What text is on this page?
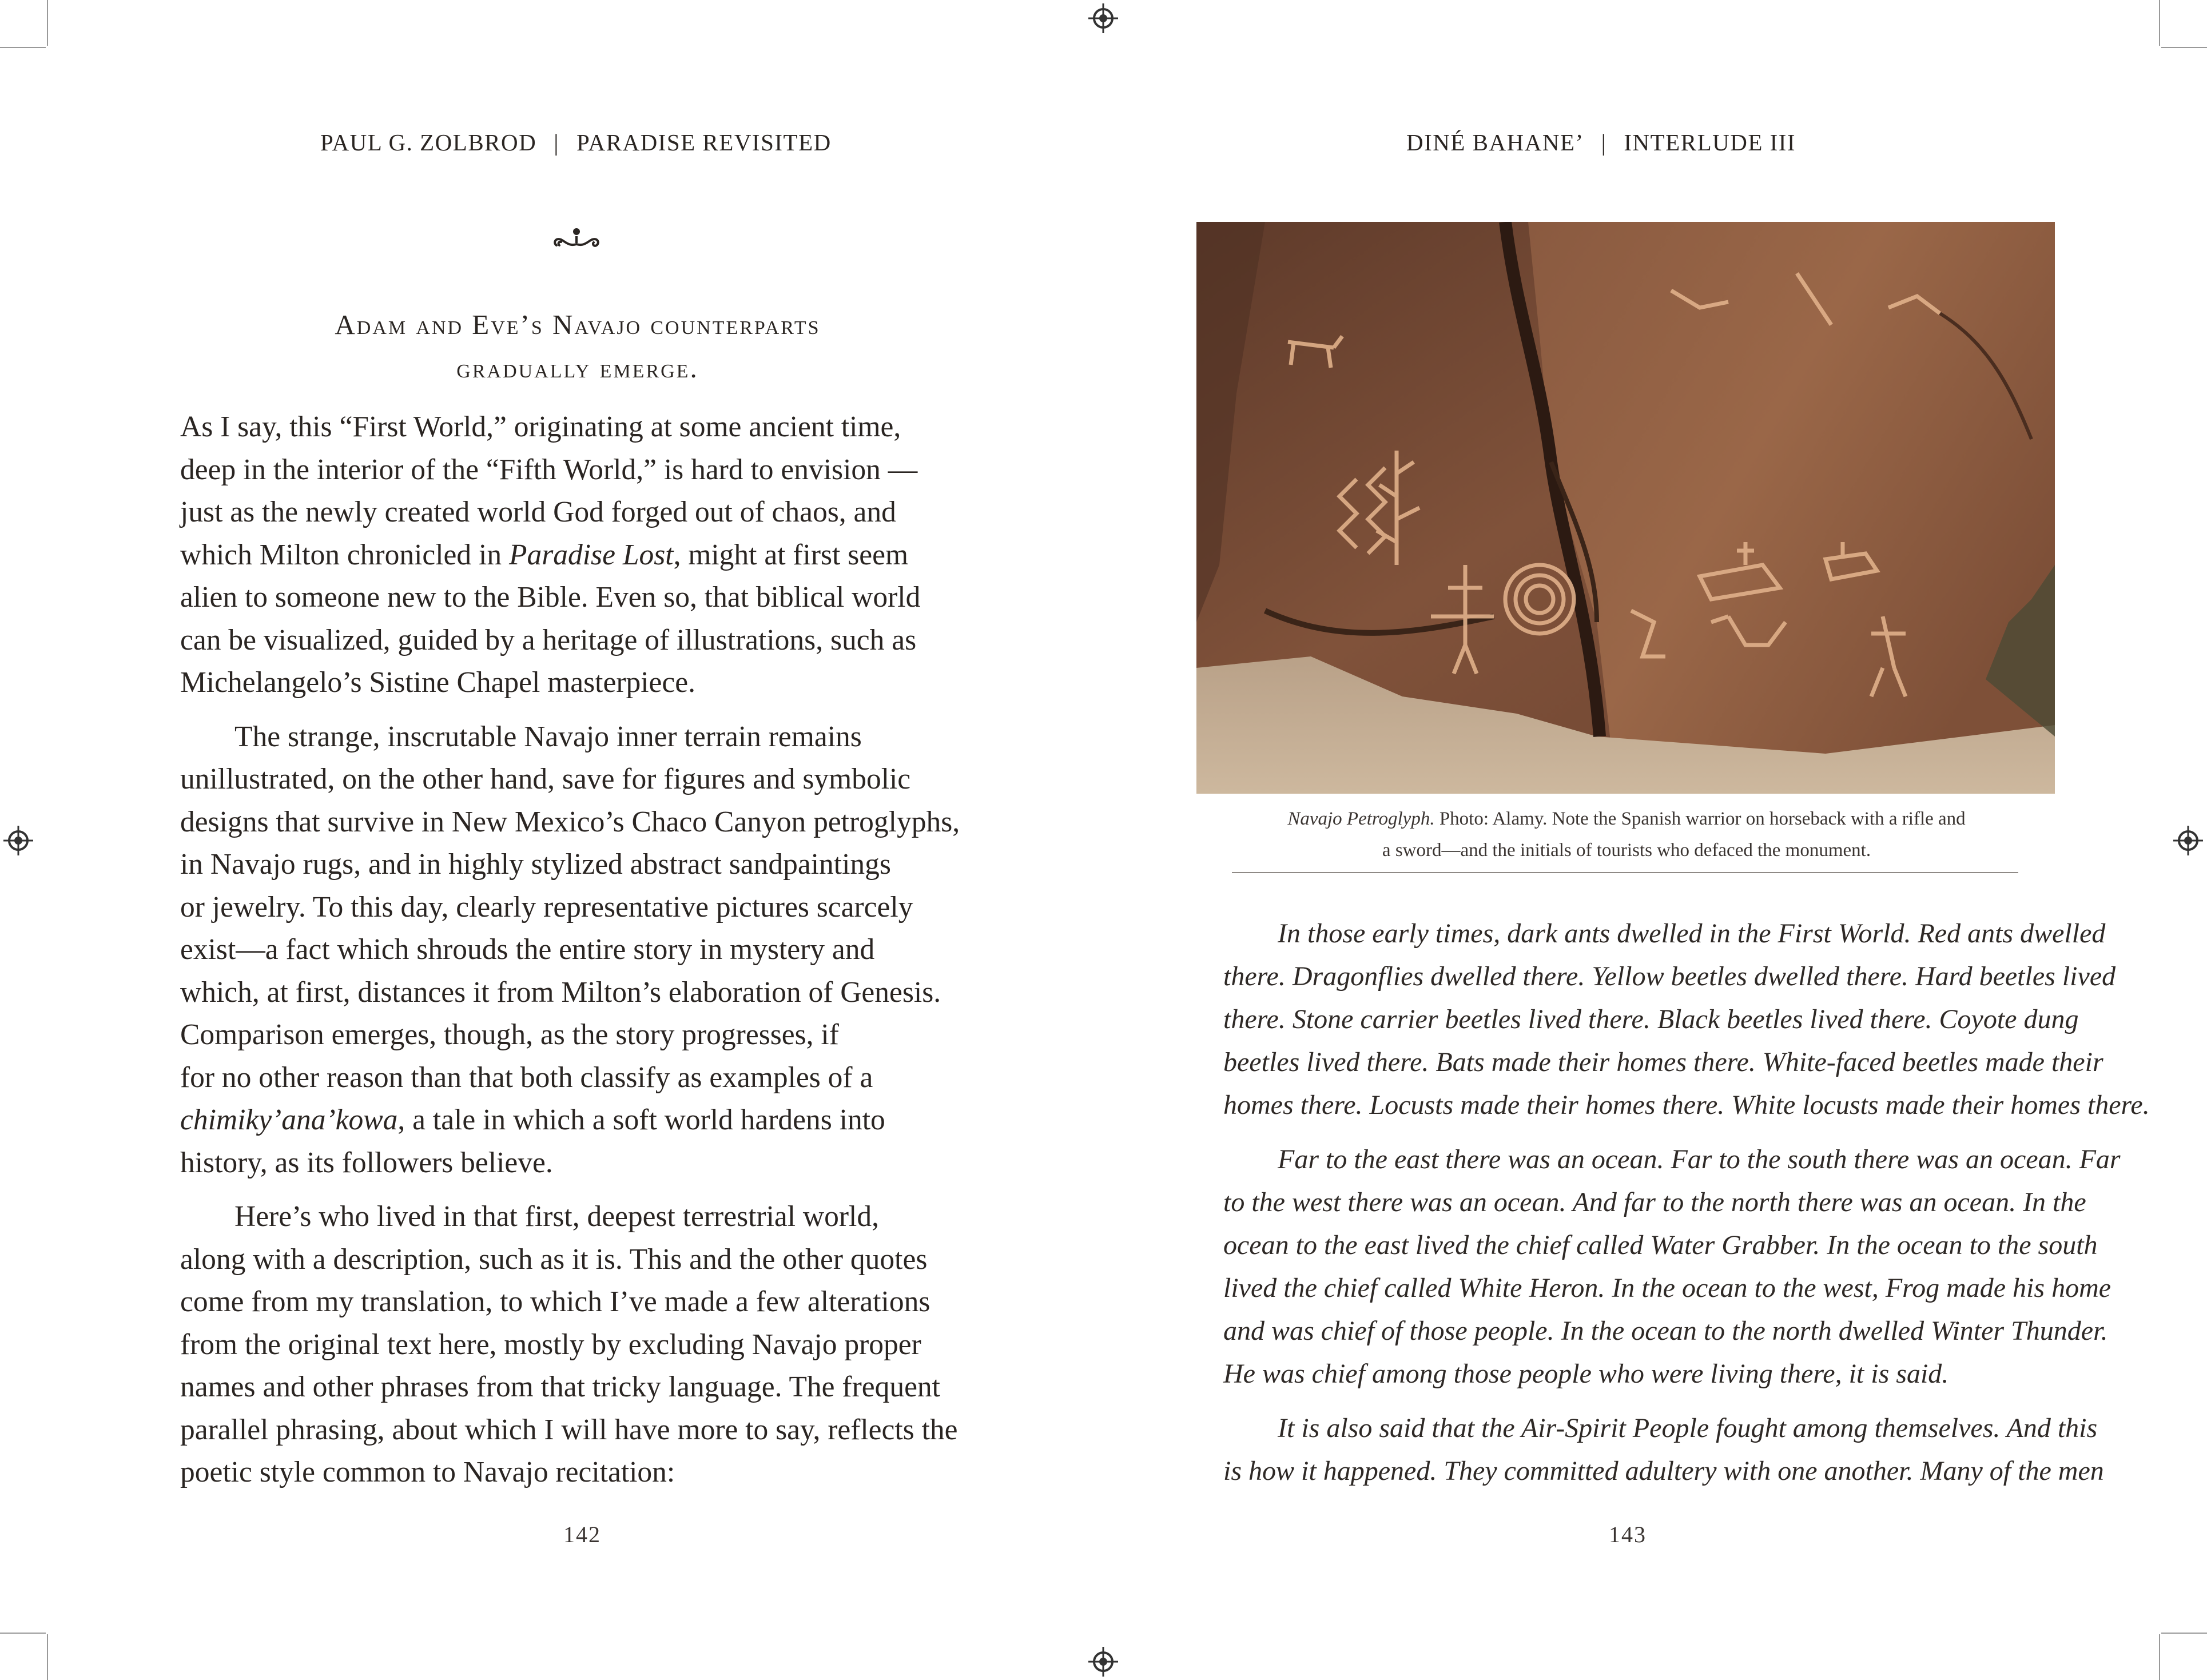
PAUL G. ZOLBROD | PARADISE REVISITED
Adam and Eve’s Navajo counterparts
gradually emerge.

As I say, this “First World,” originating at some ancient time,
deep in the interior of the “Fifth World,” is hard to envision —
just as the newly created world God forged out of chaos, and
which Milton chronicled in Paradise Lost, might at first seem
alien to someone new to the Bible. Even so, that biblical world
can be visualized, guided by a heritage of illustrations, such as
Michelangelo’s Sistine Chapel masterpiece.

The strange, inscrutable Navajo inner terrain remains
unillustrated, on the other hand, save for figures and symbolic
designs that survive in New Mexico’s Chaco Canyon petroglyphs,
in Navajo rugs, and in highly stylized abstract sandpaintings
or jewelry. To this day, clearly representative pictures scarcely
exist—a fact which shrouds the entire story in mystery and
which, at first, distances it from Milton’s elaboration of Genesis.
Comparison emerges, though, as the story progresses, if
for no other reason than that both classify as examples of a
chimiky’ana’kowa, a tale in which a soft world hardens into
history, as its followers believe.

Here’s who lived in that first, deepest terrestrial world,
along with a description, such as it is. This and the other quotes
come from my translation, to which I’ve made a few alterations
from the original text here, mostly by excluding Navajo proper
names and other phrases from that tricky language. The frequent
parallel phrasing, about which I will have more to say, reflects the
poetic style common to Navajo recitation:

142
DINÉ BAHANE’ | INTERLUDE III
Navajo Petroglyph. Photo: Alamy. Note the Spanish warrior on horseback with a rifle and
a sword—and the initials of tourists who defaced the monument.

In those early times, dark ants dwelled in the First World. Red ants dwelled
there. Dragonflies dwelled there. Yellow beetles dwelled there. Hard beetles lived
there. Stone carrier beetles lived there. Black beetles lived there. Coyote dung
beetles lived there. Bats made their homes there. White-faced beetles made their
homes there. Locusts made their homes there. White locusts made their homes there.

Far to the east there was an ocean. Far to the south there was an ocean. Far
to the west there was an ocean. And far to the north there was an ocean. In the
ocean to the east lived the chief called Water Grabber. In the ocean to the south
lived the chief called White Heron. In the ocean to the west, Frog made his home
and was chief of those people. In the ocean to the north dwelled Winter Thunder.
He was chief among those people who were living there, it is said.

It is also said that the Air-Spirit People fought among themselves. And this
is how it happened. They committed adultery with one another. Many of the men

143
